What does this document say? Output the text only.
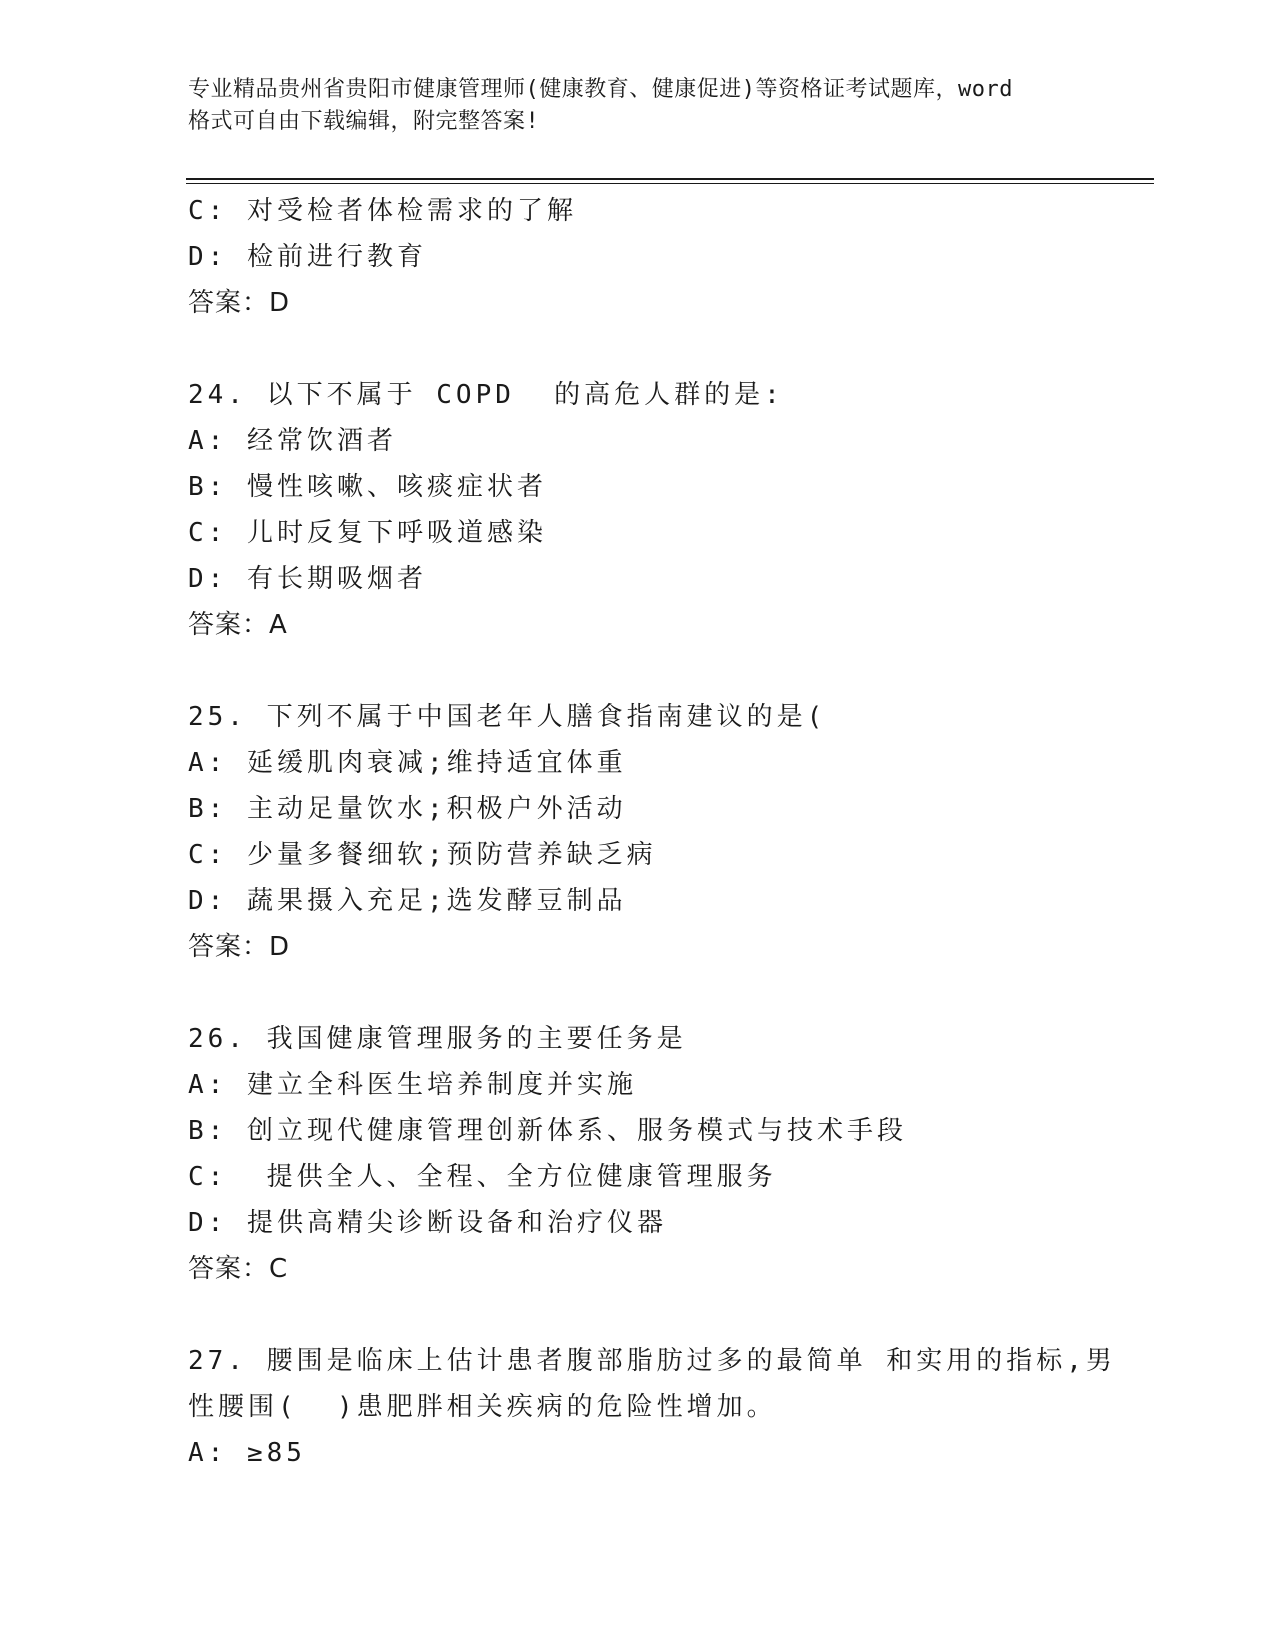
专业精品贵州省贵阳市健康管理师(健康教育、健康促进)等资格证考试题库，word
格式可自由下载编辑，附完整答案!
C: 对受检者体检需求的了解
D: 检前进行教育
答案：D
24. 以下不属于 COPD  的高危人群的是:
A: 经常饮酒者
B: 慢性咳嗽、咳痰症状者
C: 儿时反复下呼吸道感染
D: 有长期吸烟者
答案：A
25. 下列不属于中国老年人膳食指南建议的是(
A: 延缓肌肉衰减;维持适宜体重
B: 主动足量饮水;积极户外活动
C: 少量多餐细软;预防营养缺乏病
D: 蔬果摄入充足;选发酵豆制品
答案：D
26. 我国健康管理服务的主要任务是
A: 建立全科医生培养制度并实施
B: 创立现代健康管理创新体系、服务模式与技术手段
C:  提供全人、全程、全方位健康管理服务
D: 提供高精尖诊断设备和治疗仪器
答案：C
27. 腰围是临床上估计患者腹部脂肪过多的最简单 和实用的指标,男
性腰围(  )患肥胖相关疾病的危险性增加。
A: ≥85
